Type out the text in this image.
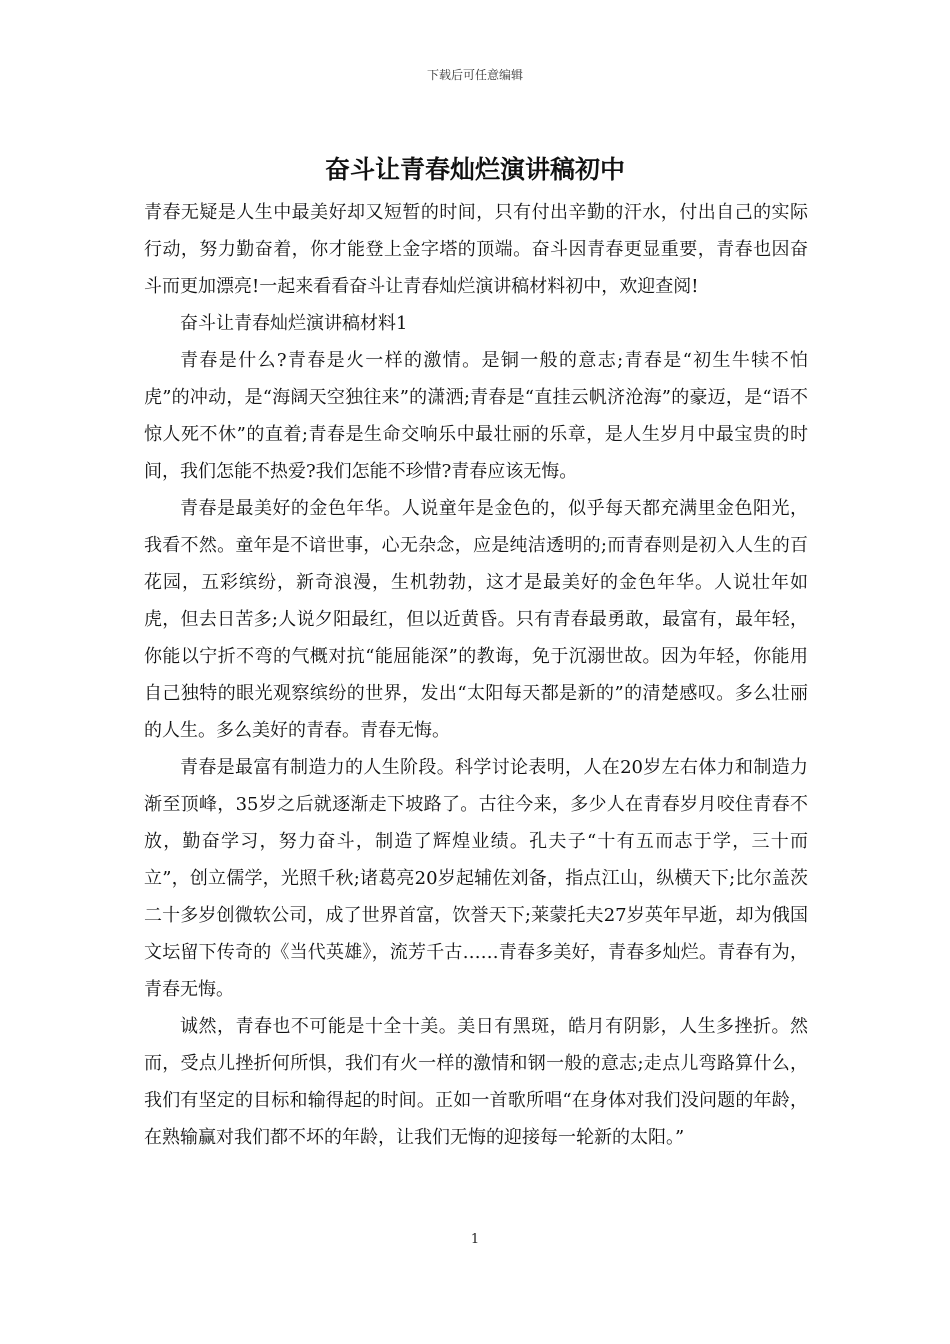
下载后可任意编辑
奋斗让青春灿烂演讲稿初中

青春无疑是人生中最美好却又短暂的时间，只有付出辛勤的汗水，付出自己的实际行动，努力勤奋着，你才能登上金字塔的顶端。奋斗因青春更显重要，青春也因奋斗而更加漂亮!一起来看看奋斗让青春灿烂演讲稿材料初中，欢迎查阅!

奋斗让青春灿烂演讲稿材料1

青春是什么?青春是火一样的激情。是铜一般的意志;青春是“初生牛犊不怕虎”的冲动，是“海阔天空独往来”的潇洒;青春是“直挂云帆济沧海”的豪迈，是“语不惊人死不休”的直着;青春是生命交响乐中最壮丽的乐章，是人生岁月中最宝贵的时间，我们怎能不热爱?我们怎能不珍惜?青春应该无悔。

青春是最美好的金色年华。人说童年是金色的，似乎每天都充满里金色阳光，我看不然。童年是不谙世事，心无杂念，应是纯洁透明的;而青春则是初入人生的百花园，五彩缤纷，新奇浪漫，生机勃勃，这才是最美好的金色年华。人说壮年如虎，但去日苦多;人说夕阳最红，但以近黄昏。只有青春最勇敢，最富有，最年轻，你能以宁折不弯的气概对抗“能屈能深”的教诲，免于沉溺世故。因为年轻，你能用自己独特的眼光观察缤纷的世界，发出“太阳每天都是新的”的清楚感叹。多么壮丽的人生。多么美好的青春。青春无悔。

青春是最富有制造力的人生阶段。科学讨论表明，人在20岁左右体力和制造力渐至顶峰，35岁之后就逐渐走下坡路了。古往今来，多少人在青春岁月咬住青春不放，勤奋学习，努力奋斗，制造了辉煌业绩。孔夫子“十有五而志于学，三十而立”，创立儒学，光照千秋;诸葛亮20岁起辅佐刘备，指点江山，纵横天下;比尔盖茨二十多岁创微软公司，成了世界首富，饮誉天下;莱蒙托夫27岁英年早逝，却为俄国文坛留下传奇的《当代英雄》，流芳千古……青春多美好，青春多灿烂。青春有为，青春无悔。

诚然，青春也不可能是十全十美。美日有黑斑，皓月有阴影，人生多挫折。然而，受点儿挫折何所惧，我们有火一样的激情和钢一般的意志;走点儿弯路算什么，我们有坚定的目标和输得起的时间。正如一首歌所唱“在身体对我们没问题的年龄，在熟输赢对我们都不坏的年龄，让我们无悔的迎接每一轮新的太阳。”

1
